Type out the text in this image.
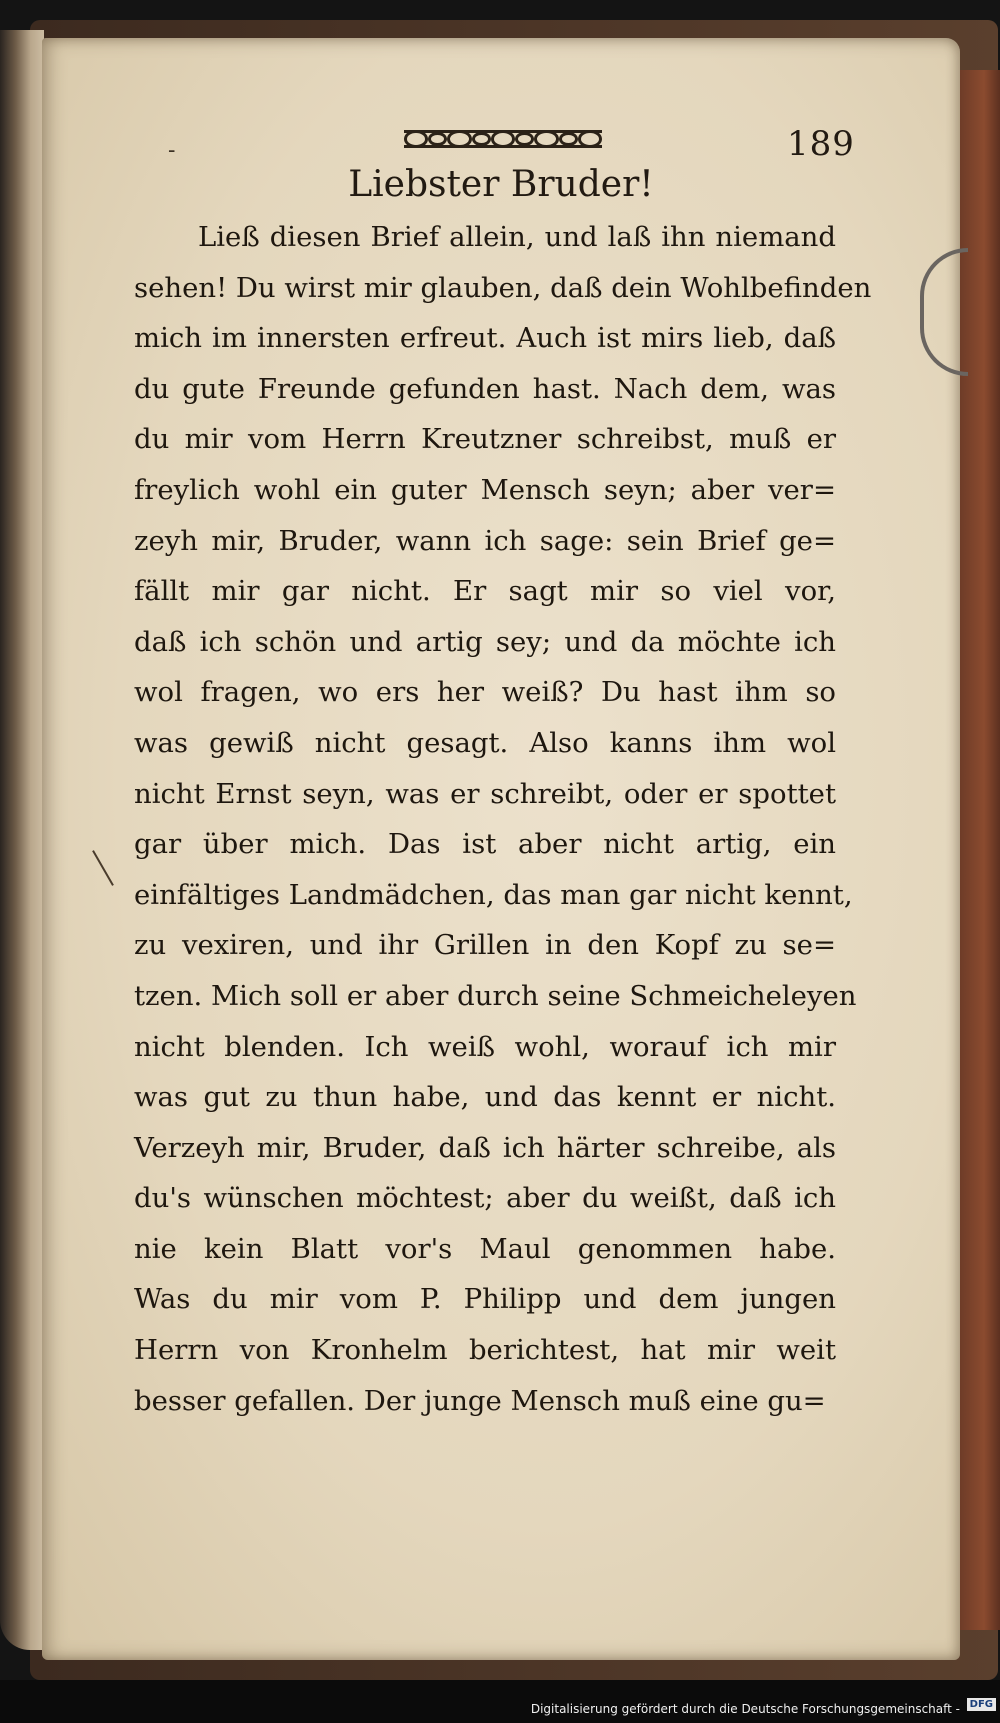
-	189
Liebster Bruder!
Ließ diesen Brief allein, und laß ihn niemand
sehen! Du wirst mir glauben, daß dein Wohlbefinden
mich im innersten erfreut. Auch ist mirs lieb, daß
du gute Freunde gefunden hast. Nach dem, was
du mir vom Herrn Kreutzner schreibst, muß er
freylich wohl ein guter Mensch seyn; aber ver=
zeyh mir, Bruder, wann ich sage: sein Brief ge=
fällt mir gar nicht. Er sagt mir so viel vor,
daß ich schön und artig sey; und da möchte ich
wol fragen, wo ers her weiß? Du hast ihm so
was gewiß nicht gesagt. Also kanns ihm wol
nicht Ernst seyn, was er schreibt, oder er spottet
gar über mich. Das ist aber nicht artig, ein
einfältiges Landmädchen, das man gar nicht kennt,
zu vexiren, und ihr Grillen in den Kopf zu se=
tzen. Mich soll er aber durch seine Schmeicheleyen
nicht blenden. Ich weiß wohl, worauf ich mir
was gut zu thun habe, und das kennt er nicht.
Verzeyh mir, Bruder, daß ich härter schreibe, als
du's wünschen möchtest; aber du weißt, daß ich
nie kein Blatt vor's Maul genommen habe.
Was du mir vom P. Philipp und dem jungen
Herrn von Kronhelm berichtest, hat mir weit
besser gefallen. Der junge Mensch muß eine gu=
Digitalisierung gefördert durch die Deutsche Forschungsgemeinschaft - DFG
